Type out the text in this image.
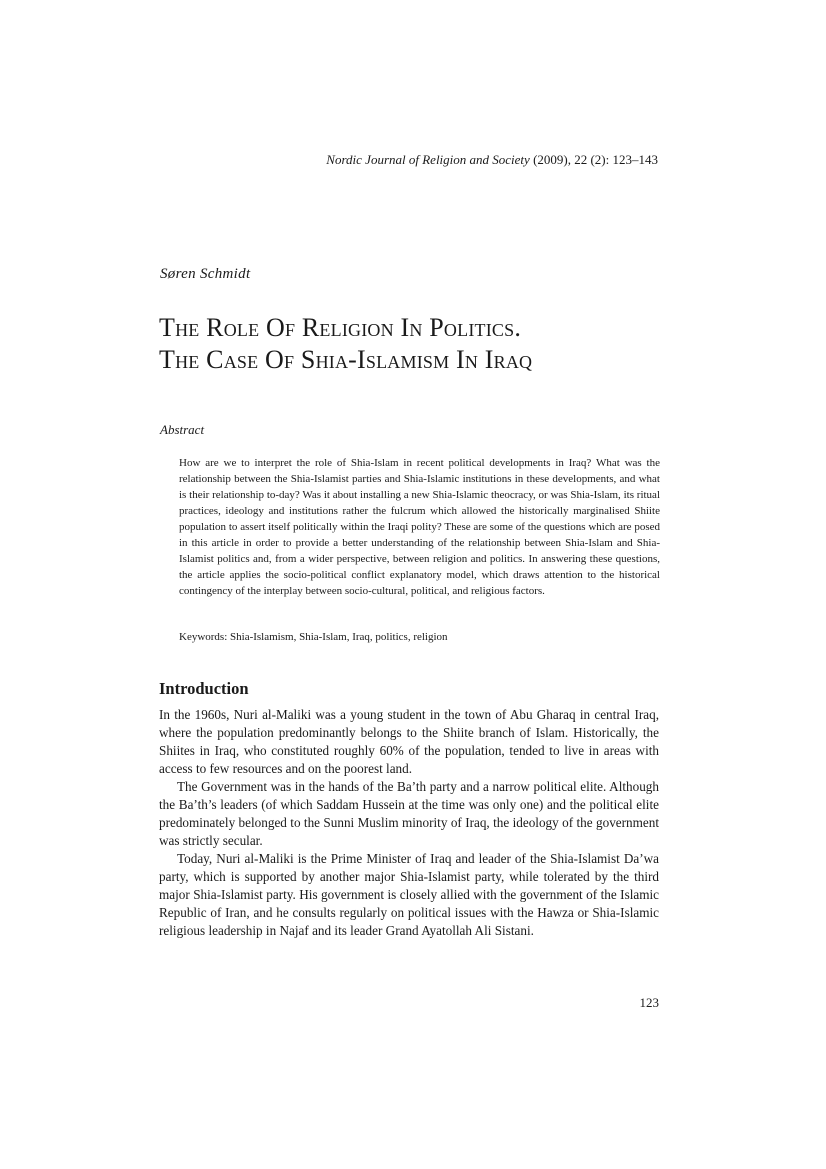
Nordic Journal of Religion and Society (2009), 22 (2): 123–143
Søren Schmidt
The Role Of Religion In Politics.
The Case Of Shia-Islamism In Iraq
Abstract

How are we to interpret the role of Shia-Islam in recent political developments in Iraq? What was the relationship between the Shia-Islamist parties and Shia-Islamic institutions in these developments, and what is their relationship to-day? Was it about installing a new Shia-Islamic theocracy, or was Shia-Islam, its ritual practices, ideology and institutions rather the fulcrum which allowed the historically marginalised Shiite population to assert itself politically within the Iraqi polity? These are some of the questions which are posed in this article in order to provide a better understanding of the relationship between Shia-Islam and Shia-Islamist politics and, from a wider perspective, between religion and politics. In answering these questions, the article applies the socio-political conflict explanatory model, which draws attention to the historical contingency of the interplay between socio-cultural, political, and religious factors.

Keywords: Shia-Islamism, Shia-Islam, Iraq, politics, religion
Introduction

In the 1960s, Nuri al-Maliki was a young student in the town of Abu Gharaq in central Iraq, where the population predominantly belongs to the Shiite branch of Islam. Historically, the Shiites in Iraq, who constituted roughly 60% of the population, tended to live in areas with access to few resources and on the poorest land.

The Government was in the hands of the Ba’th party and a narrow political elite. Although the Ba’th’s leaders (of which Saddam Hussein at the time was only one) and the political elite predominately belonged to the Sunni Muslim minority of Iraq, the ideology of the government was strictly secular.

Today, Nuri al-Maliki is the Prime Minister of Iraq and leader of the Shia-Islamist Da’wa party, which is supported by another major Shia-Islamist party, while tolerated by the third major Shia-Islamist party. His government is closely allied with the government of the Islamic Republic of Iran, and he consults regularly on political issues with the Hawza or Shia-Islamic religious leadership in Najaf and its leader Grand Ayatollah Ali Sistani.

123
